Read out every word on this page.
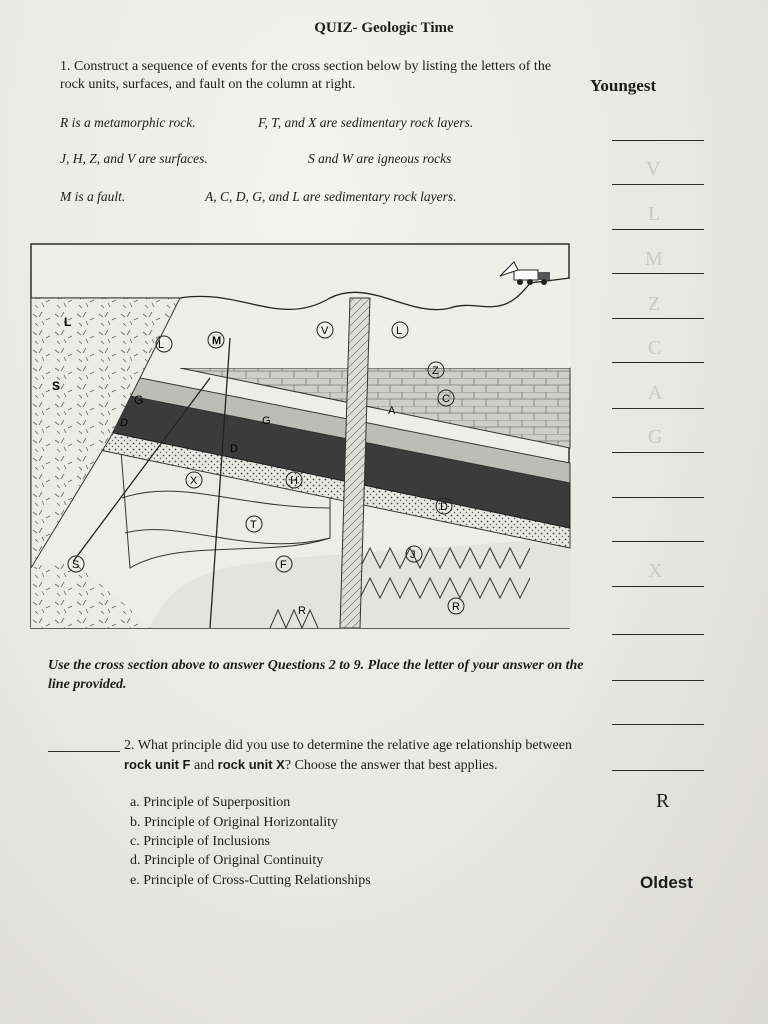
QUIZ- Geologic Time
1. Construct a sequence of events for the cross section below by listing the letters of the rock units, surfaces, and fault on the column at right.
R is a metamorphic rock.	F, T, and X are sedimentary rock layers.
J, H, Z, and V are surfaces.	S and W are igneous rocks
M is a fault.	A, C, D, G, and L are sedimentary rock layers.
Youngest
V
L
M
Z
C
A
G
X
R
Oldest
L
S
G
D
L	M
V	L
Z
C
A
G
D
X	H
T
F
D
J
R	R
S
Use the cross section above to answer Questions 2 to 9. Place the letter of your answer on the line provided.
2. What principle did you use to determine the relative age relationship between rock unit F and rock unit X? Choose the answer that best applies.
a. Principle of Superposition
b. Principle of Original Horizontality
c. Principle of Inclusions
d. Principle of Original Continuity
e. Principle of Cross-Cutting Relationships
